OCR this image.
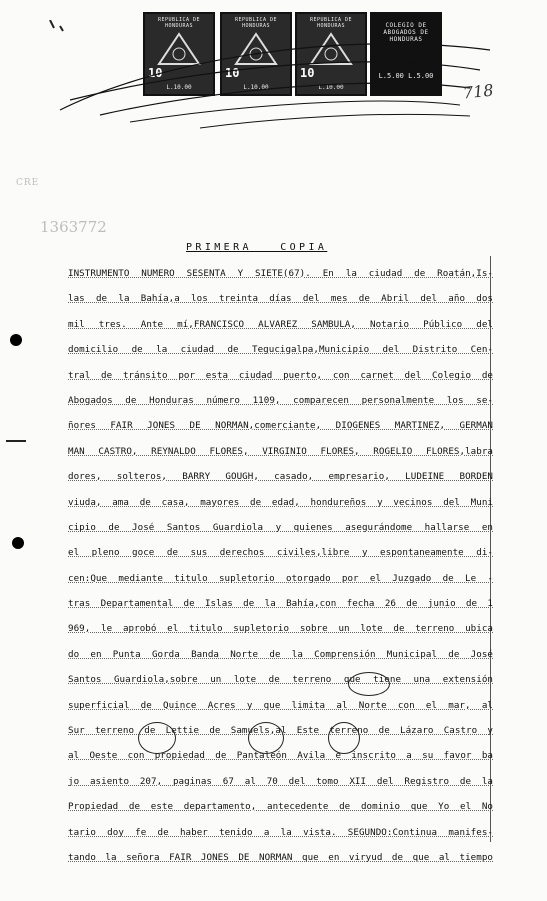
REPUBLICA DE HONDURAS
10
L.10.00
REPUBLICA DE HONDURAS
10
L.10.00
REPUBLICA DE HONDURAS
10
L.10.00
COLEGIO DE ABOGADOS DE HONDURAS
L.5.00 L.5.00
718
CRE
1363772
PRIMERA   COPIA
INSTRUMENTO NUMERO SESENTA Y SIETE(67). En la ciudad de Roatán,Is-
las de la Bahía,a los treinta días del mes de Abril del año dos
mil tres. Ante mí,FRANCISCO ALVAREZ SAMBULA, Notario Público del
domicilio de la ciudad de Tegucigalpa,Municipio del Distrito Cen-
tral de tránsito por esta ciudad puerto, con carnet del Colegio de
Abogados de Honduras número 1109, comparecen personalmente los se-
ñores FAIR JONES DE NORMAN,comerciante, DIOGENES MARTINEZ, GERMAN
MAN CASTRO, REYNALDO FLORES, VIRGINIO FLORES, ROGELIO FLORES,labra
dores, solteros, BARRY GOUGH, casado, empresario, LUDEINE BORDEN
viuda, ama de casa, mayores de edad, hondureños y vecinos del Muni
cipio de José Santos Guardiola y quienes asegurándome hallarse en
el pleno goce de sus derechos civiles,libre y espontaneamente di-
cen:Que mediante titulo supletorio otorgado por el Juzgado de Le -
tras Departamental de Islas de la Bahía,con fecha 26 de junio de 1
969, le aprobó el titulo supletorio sobre un lote de terreno ubica
do en Punta Gorda Banda Norte de la Comprensión Municipal de José
Santos Guardiola,sobre un lote de terreno que tiene una extensión
superficial de Quince Acres y que limita al Norte con el mar, al
Sur terreno de Lettie de Samuels,al Este terreno de Lázaro Castro y
al Oeste con propiedad de Pantaleón Avila e inscrito a su favor ba
jo asiento 207, paginas 67 al 70 del tomo XII del Registro de la
Propiedad de este departamento, antecedente de dominio que Yo el No
tario doy fe de haber tenido a la vista. SEGUNDO:Continua manifes-
tando la señora FAIR JONES DE NORMAN que en viryud de que al tiempo
